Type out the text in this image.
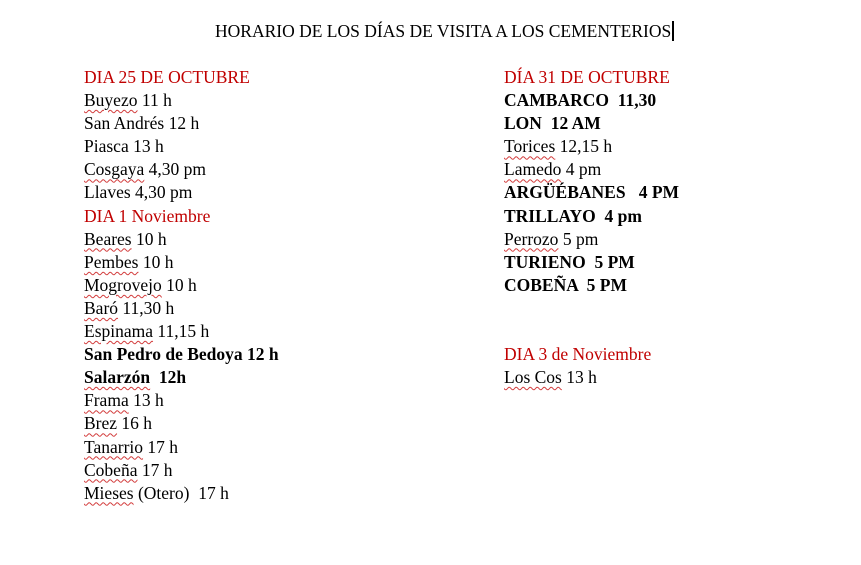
HORARIO DE LOS DÍAS DE VISITA A LOS CEMENTERIOS
DIA 25 DE OCTUBRE
Buyezo 11 h
San Andrés 12 h
Piasca 13 h
Cosgaya 4,30 pm
Llaves 4,30 pm
DIA 1 Noviembre
Beares 10 h
Pembes 10 h
Mogrovejo 10 h
Baró 11,30 h
Espinama 11,15 h
San Pedro de Bedoya 12 h
Salarzón  12h
Frama 13 h
Brez 16 h
Tanarrio 17 h
Cobeña 17 h
Mieses (Otero)  17 h
DÍA 31 DE OCTUBRE
CAMBARCO  11,30
LON  12 AM
Torices 12,15 h
Lamedo 4 pm
ARGÜÉBANES   4 PM
TRILLAYO  4 pm
Perrozo 5 pm
TURIENO  5 PM
COBEÑA  5 PM
DIA 3 de Noviembre
Los Cos 13 h
